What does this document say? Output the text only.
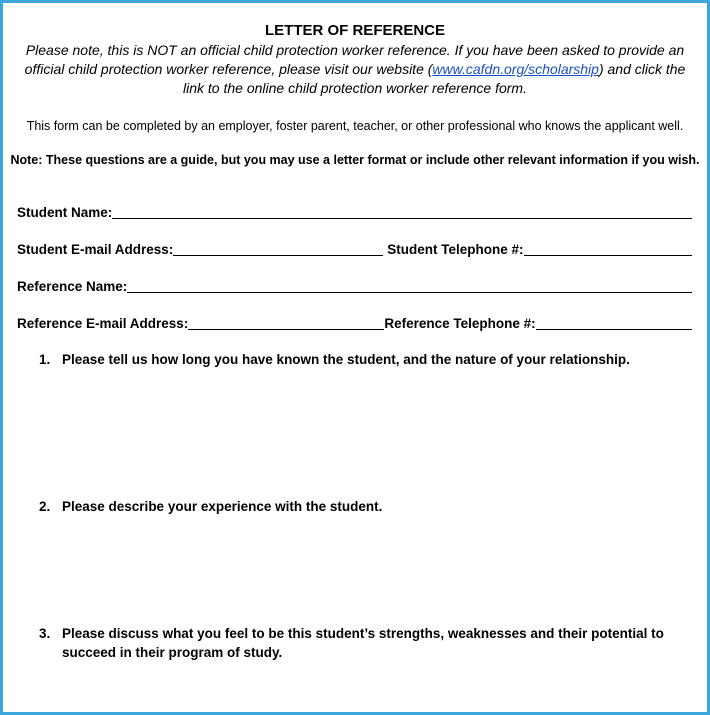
LETTER OF REFERENCE
Please note, this is NOT an official child protection worker reference. If you have been asked to provide an official child protection worker reference, please visit our website (www.cafdn.org/scholarship) and click the link to the online child protection worker reference form.
This form can be completed by an employer, foster parent, teacher, or other professional who knows the applicant well.
Note: These questions are a guide, but you may use a letter format or include other relevant information if you wish.
Student Name:
Student E-mail Address:	Student Telephone #:
Reference Name:
Reference E-mail Address:	Reference Telephone #:
1. Please tell us how long you have known the student, and the nature of your relationship.
2. Please describe your experience with the student.
3. Please discuss what you feel to be this student’s strengths, weaknesses and their potential to succeed in their program of study.
